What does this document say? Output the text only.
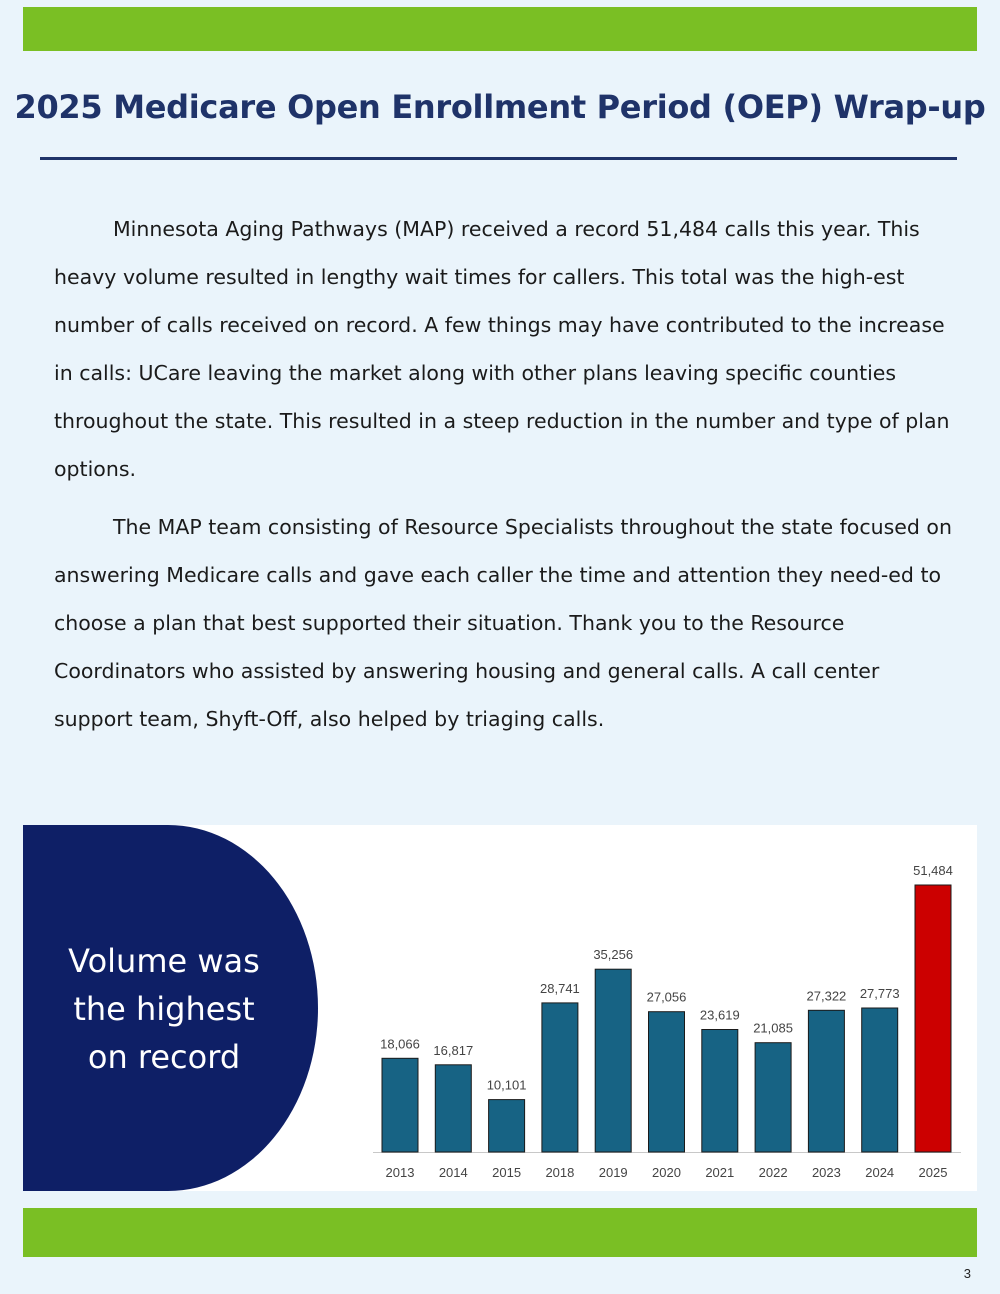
2025 Medicare Open Enrollment Period (OEP) Wrap-up

Minnesota Aging Pathways (MAP) received a record 51,484 calls this year. This heavy volume resulted in lengthy wait times for callers. This total was the high-est number of calls received on record. A few things may have contributed to the increase in calls: UCare leaving the market along with other plans leaving specific counties throughout the state. This resulted in a steep reduction in the number and type of plan options.

The MAP team consisting of Resource Specialists throughout the state focused on answering Medicare calls and gave each caller the time and attention they need-ed to choose a plan that best supported their situation. Thank you to the Resource Coordinators who assisted by answering housing and general calls. A call center support team, Shyft-Off, also helped by triaging calls.

Volume was
the highest
on record	18,066
2013
16,817
2014
10,101
2015
28,741
2018
35,256
2019
27,056
2020
23,619
2021
21,085
2022
27,322
2023
27,773
2024
51,484
2025
3
